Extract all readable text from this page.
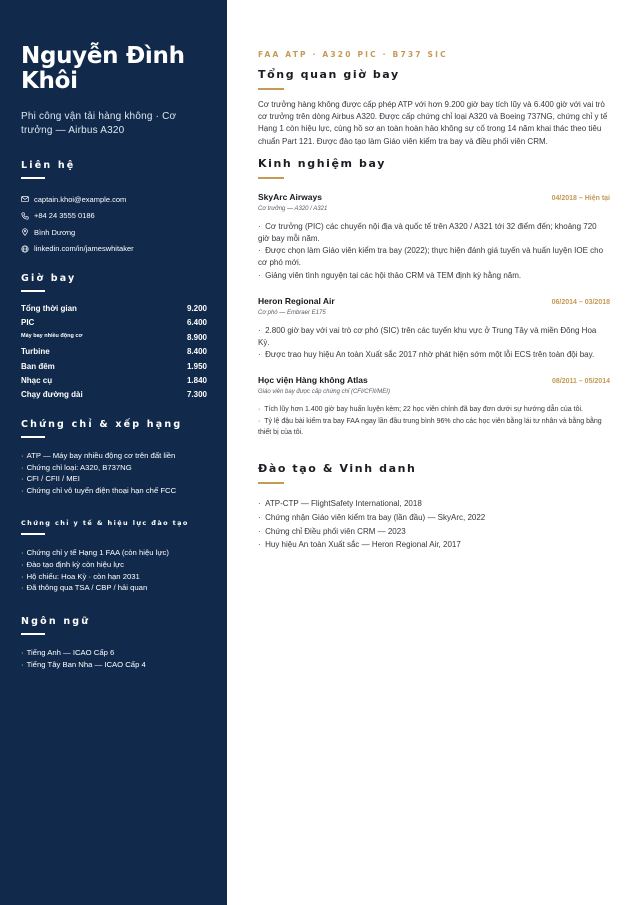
Nguyễn Đình
Khôi
Phi công vận tải hàng không · Cơ trưởng — Airbus A320
Liên hệ
captain.khoi@example.com
+84 24 3555 0186
Bình Dương
linkedin.com/in/jameswhitaker
Giờ bay
Tổng thời gian	9.200
PIC	6.400
Máy bay nhiều động cơ	8.900
Turbine	8.400
Ban đêm	1.950
Nhạc cụ	1.840
Chạy đường dài	7.300
Chứng chỉ & xếp hạng
· ATP — Máy bay nhiều động cơ trên đất liền
· Chứng chỉ loại: A320, B737NG
· CFI / CFII / MEI
· Chứng chỉ vô tuyến điện thoại hạn chế FCC
Chứng chỉ y tế & hiệu lực đào tạo
· Chứng chỉ y tế Hạng 1 FAA (còn hiệu lực)
· Đào tạo định kỳ còn hiệu lực
· Hộ chiếu: Hoa Kỳ · còn hạn 2031
· Đã thông qua TSA / CBP / hải quan
Ngôn ngữ
· Tiếng Anh — ICAO Cấp 6
· Tiếng Tây Ban Nha — ICAO Cấp 4
FAA ATP · A320 PIC · B737 SIC
Tổng quan giờ bay

Cơ trưởng hàng không được cấp phép ATP với hơn 9.200 giờ bay tích lũy và 6.400 giờ với vai trò cơ trưởng trên dòng Airbus A320. Được cấp chứng chỉ loại A320 và Boeing 737NG, chứng chỉ y tế Hạng 1 còn hiệu lực, cùng hồ sơ an toàn hoàn hảo không sự cố trong 14 năm khai thác theo tiêu chuẩn Part 121. Được đào tạo làm Giáo viên kiểm tra bay và điều phối viên CRM.

Kinh nghiệm bay
SkyArc Airways	04/2018 – Hiện tại
Cơ trưởng — A320 / A321
·  Cơ trưởng (PIC) các chuyến nội địa và quốc tế trên A320 / A321 tới 32 điểm đến; khoảng 720 giờ bay mỗi năm.
·  Được chọn làm Giáo viên kiểm tra bay (2022); thực hiện đánh giá tuyến và huấn luyện IOE cho cơ phó mới.
·  Giảng viên tình nguyện tại các hội thảo CRM và TEM định kỳ hằng năm.
Heron Regional Air	06/2014 – 03/2018
Cơ phó — Embraer E175
·  2.800 giờ bay với vai trò cơ phó (SIC) trên các tuyến khu vực ở Trung Tây và miền Đông Hoa Kỳ.
·  Được trao huy hiệu An toàn Xuất sắc 2017 nhờ phát hiện sớm một lỗi ECS trên toàn đội bay.
Học viện Hàng không Atlas	08/2011 – 05/2014
Giáo viên bay được cấp chứng chỉ (CFI/CFII/MEI)
·  Tích lũy hơn 1.400 giờ bay huấn luyện kèm; 22 học viên chính đã bay đơn dưới sự hướng dẫn của tôi.
·  Tỷ lệ đậu bài kiểm tra bay FAA ngay lần đầu trung bình 96% cho các học viên bằng lái tư nhân và bằng bằng thiết bị của tôi.
Đào tạo & Vinh danh
·  ATP-CTP — FlightSafety International, 2018
·  Chứng nhận Giáo viên kiểm tra bay (lần đầu) — SkyArc, 2022
·  Chứng chỉ Điều phối viên CRM — 2023
·  Huy hiệu An toàn Xuất sắc — Heron Regional Air, 2017
